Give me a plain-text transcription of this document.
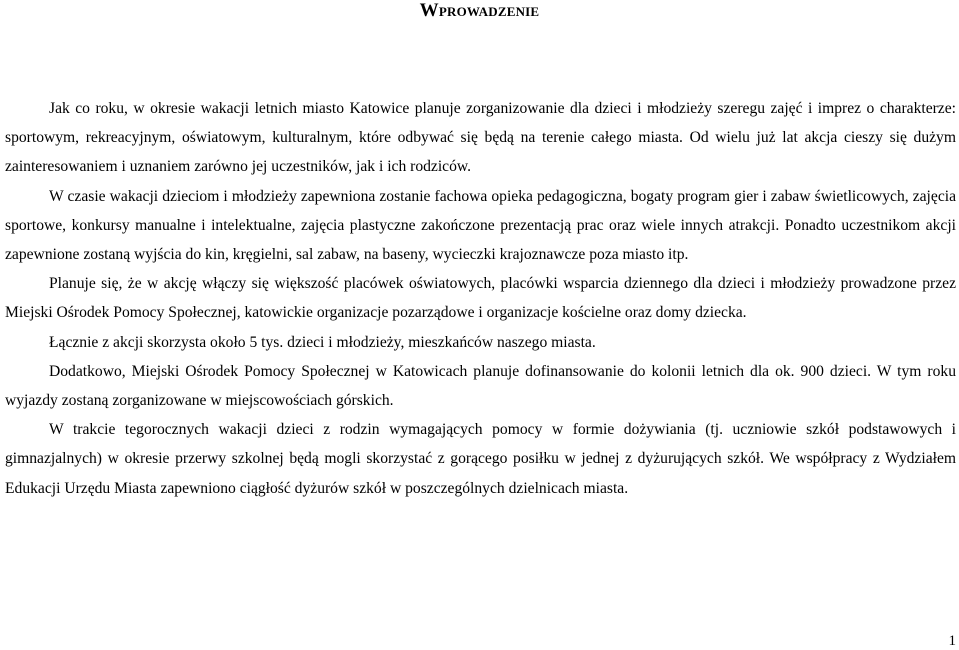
Wprowadzenie

Jak co roku, w okresie wakacji letnich miasto Katowice planuje zorganizowanie dla dzieci i młodzieży szeregu zajęć i imprez o charakterze: sportowym, rekreacyjnym, oświatowym, kulturalnym, które odbywać się będą na terenie całego miasta. Od wielu już lat akcja cieszy się dużym zainteresowaniem i uznaniem zarówno jej uczestników, jak i ich rodziców.

W czasie wakacji dzieciom i młodzieży zapewniona zostanie fachowa opieka pedagogiczna, bogaty program gier i zabaw świetlicowych, zajęcia sportowe, konkursy manualne i intelektualne, zajęcia plastyczne zakończone prezentacją prac oraz wiele innych atrakcji. Ponadto uczestnikom akcji zapewnione zostaną wyjścia do kin, kręgielni, sal zabaw, na baseny, wycieczki krajoznawcze poza miasto itp.

Planuje się, że w akcję włączy się większość placówek oświatowych, placówki wsparcia dziennego dla dzieci i młodzieży prowadzone przez Miejski Ośrodek Pomocy Społecznej, katowickie organizacje pozarządowe i organizacje kościelne oraz domy dziecka.

Łącznie z akcji skorzysta około 5 tys. dzieci i młodzieży, mieszkańców naszego miasta.

Dodatkowo, Miejski Ośrodek Pomocy Społecznej w Katowicach planuje dofinansowanie do kolonii letnich dla ok. 900 dzieci. W tym roku wyjazdy zostaną zorganizowane w miejscowościach górskich.

W trakcie tegorocznych wakacji dzieci z rodzin wymagających pomocy w formie dożywiania (tj. uczniowie szkół podstawowych i gimnazjalnych) w okresie przerwy szkolnej będą mogli skorzystać z gorącego posiłku w jednej z dyżurujących szkół. We współpracy z Wydziałem Edukacji Urzędu Miasta zapewniono ciągłość dyżurów szkół w poszczególnych dzielnicach miasta.

1
